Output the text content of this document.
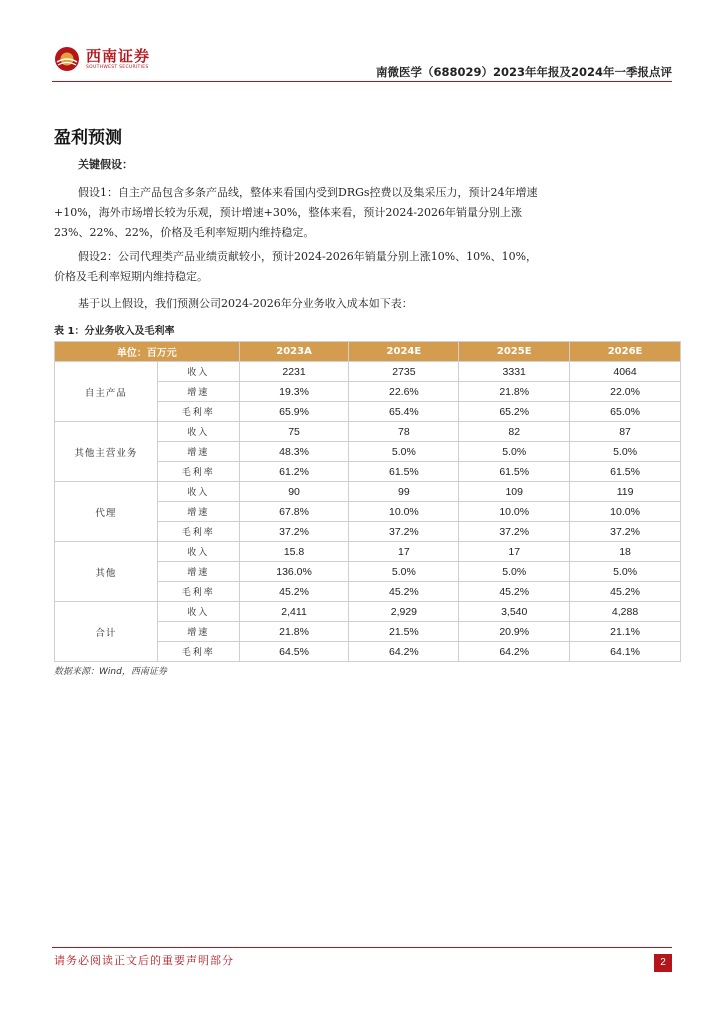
西南证券
SOUTHWEST SECURITIES	南微医学（688029）2023年年报及2024年一季报点评
盈利预测
关键假设：
假设1：自主产品包含多条产品线，整体来看国内受到DRGs控费以及集采压力，预计24年增速+10%，海外市场增长较为乐观，预计增速+30%，整体来看，预计2024-2026年销量分别上涨23%、22%、22%，价格及毛利率短期内维持稳定。
假设2：公司代理类产品业绩贡献较小，预计2024-2026年销量分别上涨10%、10%、10%，价格及毛利率短期内维持稳定。
基于以上假设，我们预测公司2024-2026年分业务收入成本如下表：
表 1：分业务收入及毛利率
单位：百万元		2023A	2024E	2025E	2026E
自主产品	收入	2231	2735	3331	4064
	增速	19.3%	22.6%	21.8%	22.0%
	毛利率	65.9%	65.4%	65.2%	65.0%
其他主营业务	收入	75	78	82	87
	增速	48.3%	5.0%	5.0%	5.0%
	毛利率	61.2%	61.5%	61.5%	61.5%
代理	收入	90	99	109	119
	增速	67.8%	10.0%	10.0%	10.0%
	毛利率	37.2%	37.2%	37.2%	37.2%
其他	收入	15.8	17	17	18
	增速	136.0%	5.0%	5.0%	5.0%
	毛利率	45.2%	45.2%	45.2%	45.2%
合计	收入	2,411	2,929	3,540	4,288
	增速	21.8%	21.5%	20.9%	21.1%
	毛利率	64.5%	64.2%	64.2%	64.1%
数据来源：Wind，西南证券
请务必阅读正文后的重要声明部分	2
